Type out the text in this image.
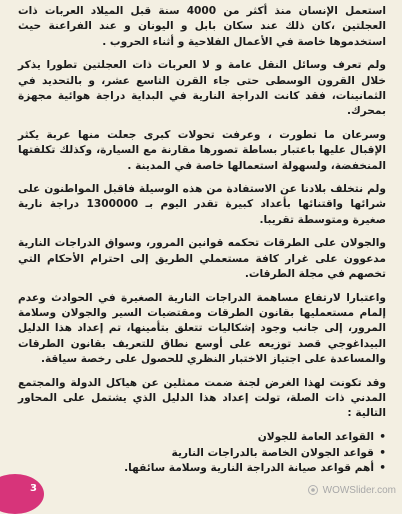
استعمل الإنسان منذ أكثر من 4000 سنة قبل الميلاد العربات ذات العجلتين ،كان ذلك عند سكان بابل و اليونان و عند الفراعنة حيث استخدموها خاصة في الأعمال الفلاحية و أثناء الحروب .

ولم تعرف وسائل النقل عامة و لا العربات ذات العجلتين تطورا يذكر خلال القرون الوسطى حتى جاء القرن التاسع عشر، و بالتحديد في الثمانينات، فقد كانت الدراجة النارية في البداية دراجة هوائية مجهزة بمحرك.

وسرعان ما تطورت ، وعرفت تحولات كبرى جعلت منها عربة يكثر الإقبال عليها باعتبار بساطة تصورها مقارنة مع السيارة، وكذلك تكلفتها المنخفضة، ولسهولة استعمالها خاصة في المدينة .

ولم نتخلف بلادنا عن الاستفادة من هذه الوسيلة فاقبل المواطنون على شرائها واقتنائها بأعداد كبيرة تقدر اليوم بـ 1300000 دراجة نارية صغيرة ومتوسطة تقريبا.

والجولان على الطرقات تحكمه قوانين المرور، وسواق الدراجات النارية مدعوون على غرار كافة مستعملي الطريق إلى احترام الأحكام التي تخصهم في مجلة الطرقات.

واعتبارا لارتفاع مساهمة الدراجات النارية الصغيرة في الحوادث وعدم إلمام مستعمليها بقانون الطرقات ومقتضيات السير والجولان وسلامة المرور، إلى جانب وجود إشكاليات تتعلق بتأمينها، تم إعداد هذا الدليل البيداغوجي قصد توزيعه على أوسع نطاق للتعريف بقانون الطرقات والمساعدة على اجتياز الاختبار النظري للحصول على رخصة سياقة.

وقد تكونت لهذا الغرض لجنة ضمت ممثلين عن هياكل الدولة والمجتمع المدني ذات الصلة، تولت إعداد هذا الدليل الذي يشتمل على المحاور التالية :

•
القواعد العامة للجولان
•
قواعد الجولان الخاصة بالدراجات النارية
•
أهم قواعد صيانة الدراجة النارية وسلامة سائقها.
3	WOWSlider.com
